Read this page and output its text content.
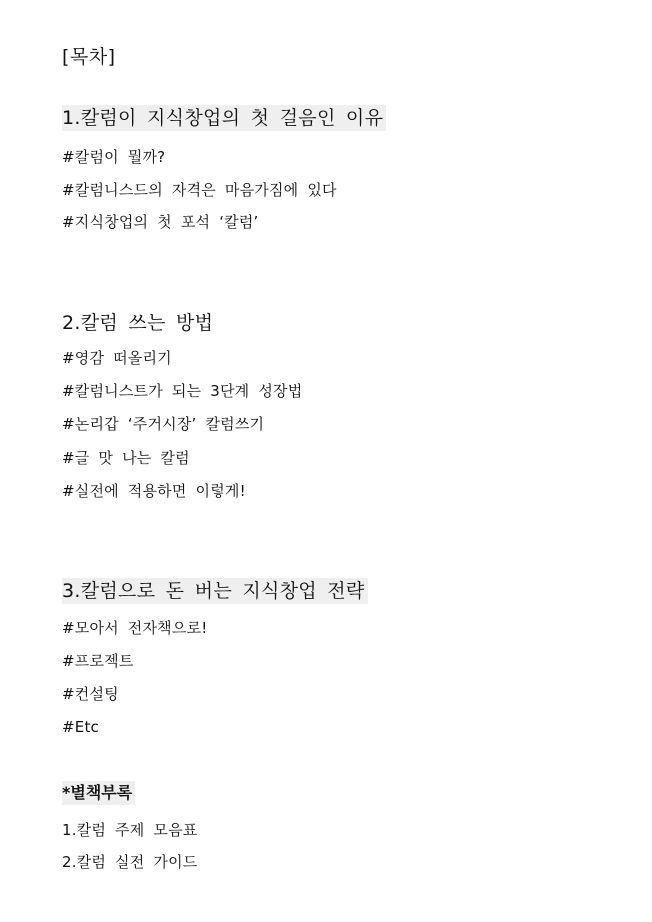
[목차]
1.칼럼이 지식창업의 첫 걸음인 이유
#칼럼이 뭘까?
#칼럼니스드의 자격은 마음가짐에 있다
#지식창업의 첫 포석 ‘칼럼’
2.칼럼 쓰는 방법
#영감 떠올리기
#칼럼니스트가 되는 3단계 성장법
#논리갑 ‘주거시장’ 칼럼쓰기
#글 맛 나는 칼럼
#실전에 적용하면 이렇게!
3.칼럼으로 돈 버는 지식창업 전략
#모아서 전자책으로!
#프로젝트
#컨설팅
#Etc
*별책부록
1.칼럼 주제 모음표
2.칼럼 실전 가이드
